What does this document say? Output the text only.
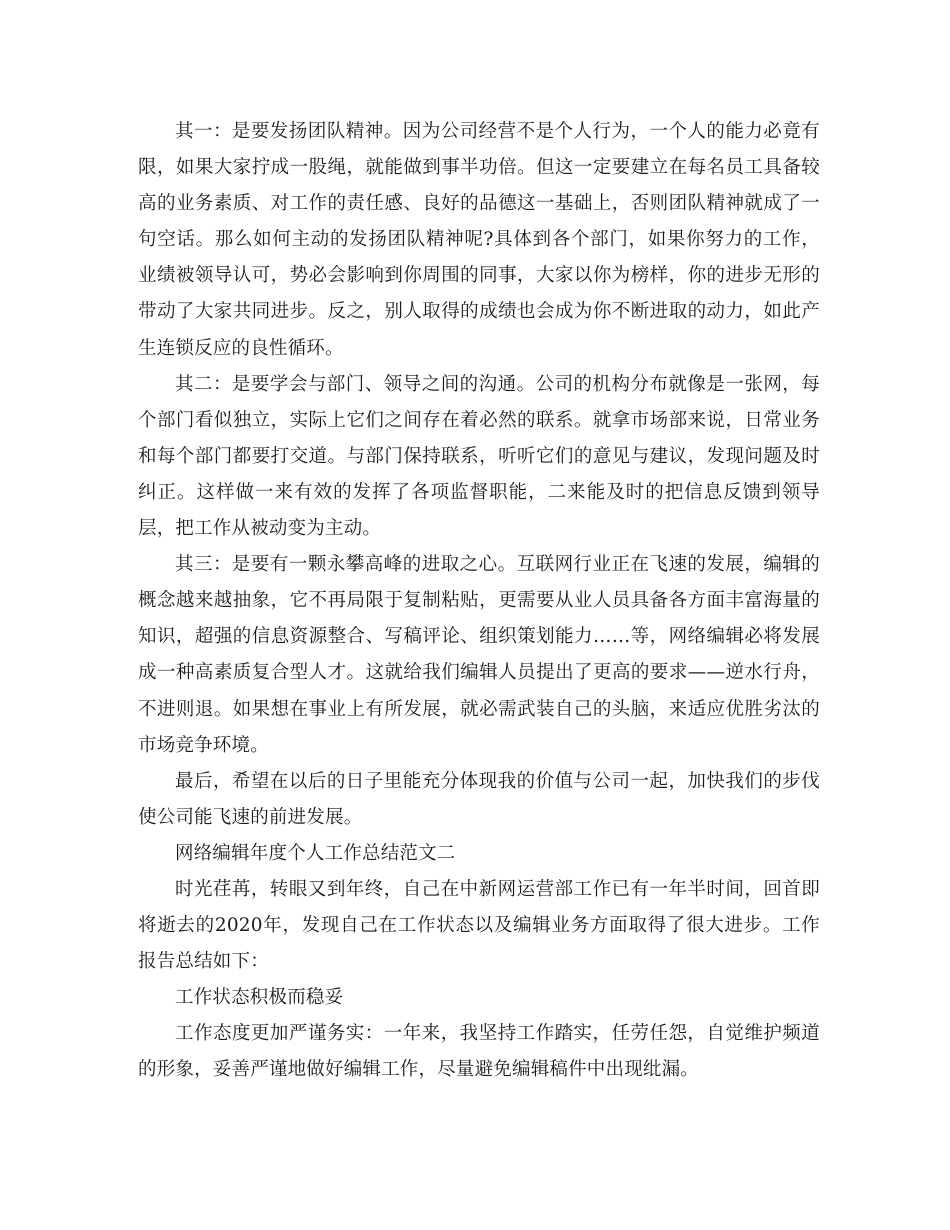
其一：是要发扬团队精神。因为公司经营不是个人行为，一个人的能力必竟有限，如果大家拧成一股绳，就能做到事半功倍。但这一定要建立在每名员工具备较高的业务素质、对工作的责任感、良好的品德这一基础上，否则团队精神就成了一句空话。那么如何主动的发扬团队精神呢?具体到各个部门，如果你努力的工作，业绩被领导认可，势必会影响到你周围的同事，大家以你为榜样，你的进步无形的带动了大家共同进步。反之，别人取得的成绩也会成为你不断进取的动力，如此产生连锁反应的良性循环。

其二：是要学会与部门、领导之间的沟通。公司的机构分布就像是一张网，每个部门看似独立，实际上它们之间存在着必然的联系。就拿市场部来说，日常业务和每个部门都要打交道。与部门保持联系，听听它们的意见与建议，发现问题及时纠正。这样做一来有效的发挥了各项监督职能，二来能及时的把信息反馈到领导层，把工作从被动变为主动。

其三：是要有一颗永攀高峰的进取之心。互联网行业正在飞速的发展，编辑的概念越来越抽象，它不再局限于复制粘贴，更需要从业人员具备各方面丰富海量的知识，超强的信息资源整合、写稿评论、组织策划能力……等，网络编辑必将发展成一种高素质复合型人才。这就给我们编辑人员提出了更高的要求——逆水行舟，不进则退。如果想在事业上有所发展，就必需武装自己的头脑，来适应优胜劣汰的市场竞争环境。

最后，希望在以后的日子里能充分体现我的价值与公司一起，加快我们的步伐使公司能飞速的前进发展。

网络编辑年度个人工作总结范文二

时光荏苒，转眼又到年终，自己在中新网运营部工作已有一年半时间，回首即将逝去的2020年，发现自己在工作状态以及编辑业务方面取得了很大进步。工作报告总结如下：

工作状态积极而稳妥

工作态度更加严谨务实：一年来，我坚持工作踏实，任劳任怨，自觉维护频道的形象，妥善严谨地做好编辑工作，尽量避免编辑稿件中出现纰漏。
